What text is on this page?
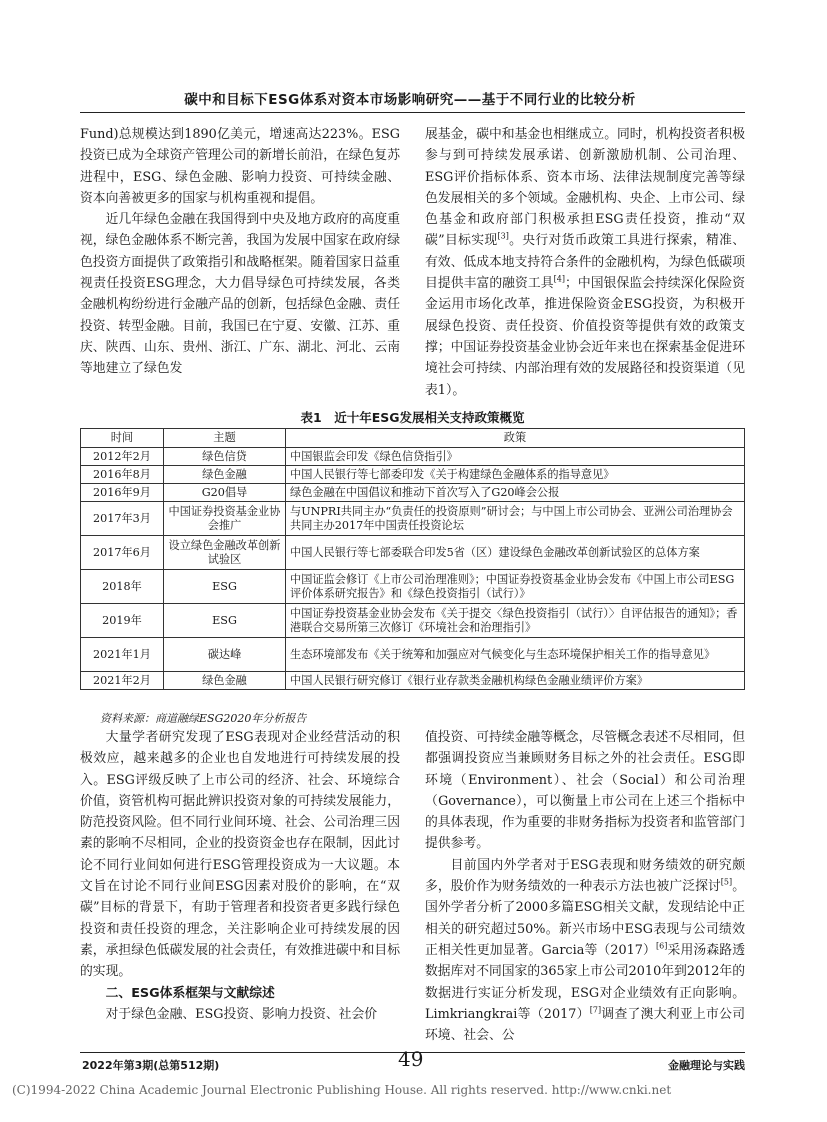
碳中和目标下ESG体系对资本市场影响研究——基于不同行业的比较分析

Fund)总规模达到1890亿美元，增速高达223%。ESG投资已成为全球资产管理公司的新增长前沿，在绿色复苏进程中，ESG、绿色金融、影响力投资、可持续金融、资本向善被更多的国家与机构重视和提倡。

近几年绿色金融在我国得到中央及地方政府的高度重视，绿色金融体系不断完善，我国为发展中国家在政府绿色投资方面提供了政策指引和战略框架。随着国家日益重视责任投资ESG理念，大力倡导绿色可持续发展，各类金融机构纷纷进行金融产品的创新，包括绿色金融、责任投资、转型金融。目前，我国已在宁夏、安徽、江苏、重庆、陕西、山东、贵州、浙江、广东、湖北、河北、云南等地建立了绿色发

展基金，碳中和基金也相继成立。同时，机构投资者积极参与到可持续发展承诺、创新激励机制、公司治理、ESG评价指标体系、资本市场、法律法规制度完善等绿色发展相关的多个领域。金融机构、央企、上市公司、绿色基金和政府部门积极承担ESG责任投资，推动“双碳”目标实现[3]。央行对货币政策工具进行探索，精准、有效、低成本地支持符合条件的金融机构，为绿色低碳项目提供丰富的融资工具[4]；中国银保监会持续深化保险资金运用市场化改革，推进保险资金ESG投资，为积极开展绿色投资、责任投资、价值投资等提供有效的政策支撑；中国证券投资基金业协会近年来也在探索基金促进环境社会可持续、内部治理有效的发展路径和投资渠道（见表1）。

表1　近十年ESG发展相关支持政策概览
时间	主题	政策
2012年2月	绿色信贷	中国银监会印发《绿色信贷指引》
2016年8月	绿色金融	中国人民银行等七部委印发《关于构建绿色金融体系的指导意见》
2016年9月	G20倡导	绿色金融在中国倡议和推动下首次写入了G20峰会公报
2017年3月	中国证券投资基金业协会推广	与UNPRI共同主办“负责任的投资原则”研讨会；与中国上市公司协会、亚洲公司治理协会共同主办2017年中国责任投资论坛
2017年6月	设立绿色金融改革创新试验区	中国人民银行等七部委联合印发5省（区）建设绿色金融改革创新试验区的总体方案
2018年	ESG	中国证监会修订《上市公司治理准则》；中国证券投资基金业协会发布《中国上市公司ESG评价体系研究报告》和《绿色投资指引（试行）》
2019年	ESG	中国证券投资基金业协会发布《关于提交〈绿色投资指引（试行）〉自评估报告的通知》；香港联合交易所第三次修订《环境社会和治理指引》
2021年1月	碳达峰	生态环境部发布《关于统筹和加强应对气候变化与生态环境保护相关工作的指导意见》
2021年2月	绿色金融	中国人民银行研究修订《银行业存款类金融机构绿色金融业绩评价方案》
资料来源：商道融绿ESG2020年分析报告

大量学者研究发现了ESG表现对企业经营活动的积极效应，越来越多的企业也自发地进行可持续发展的投入。ESG评级反映了上市公司的经济、社会、环境综合价值，资管机构可据此辨识投资对象的可持续发展能力，防范投资风险。但不同行业间环境、社会、公司治理三因素的影响不尽相同，企业的投资资金也存在限制，因此讨论不同行业间如何进行ESG管理投资成为一大议题。本文旨在讨论不同行业间ESG因素对股价的影响，在“双碳”目标的背景下，有助于管理者和投资者更多践行绿色投资和责任投资的理念，关注影响企业可持续发展的因素，承担绿色低碳发展的社会责任，有效推进碳中和目标的实现。

二、ESG体系框架与文献综述

对于绿色金融、ESG投资、影响力投资、社会价

值投资、可持续金融等概念，尽管概念表述不尽相同，但都强调投资应当兼顾财务目标之外的社会责任。ESG即环境（Environment）、社会（Social）和公司治理（Governance），可以衡量上市公司在上述三个指标中的具体表现，作为重要的非财务指标为投资者和监管部门提供参考。

目前国内外学者对于ESG表现和财务绩效的研究颇多，股价作为财务绩效的一种表示方法也被广泛探讨[5]。国外学者分析了2000多篇ESG相关文献，发现结论中正相关的研究超过50%。新兴市场中ESG表现与公司绩效正相关性更加显著。Garcia等（2017）[6]采用汤森路透数据库对不同国家的365家上市公司2010年到2012年的数据进行实证分析发现，ESG对企业绩效有正向影响。Limkriangkrai等（2017）[7]调查了澳大利亚上市公司环境、社会、公

2022年第3期(总第512期)	49	金融理论与实践
(C)1994-2022 China Academic Journal Electronic Publishing House. All rights reserved. http://www.cnki.net
